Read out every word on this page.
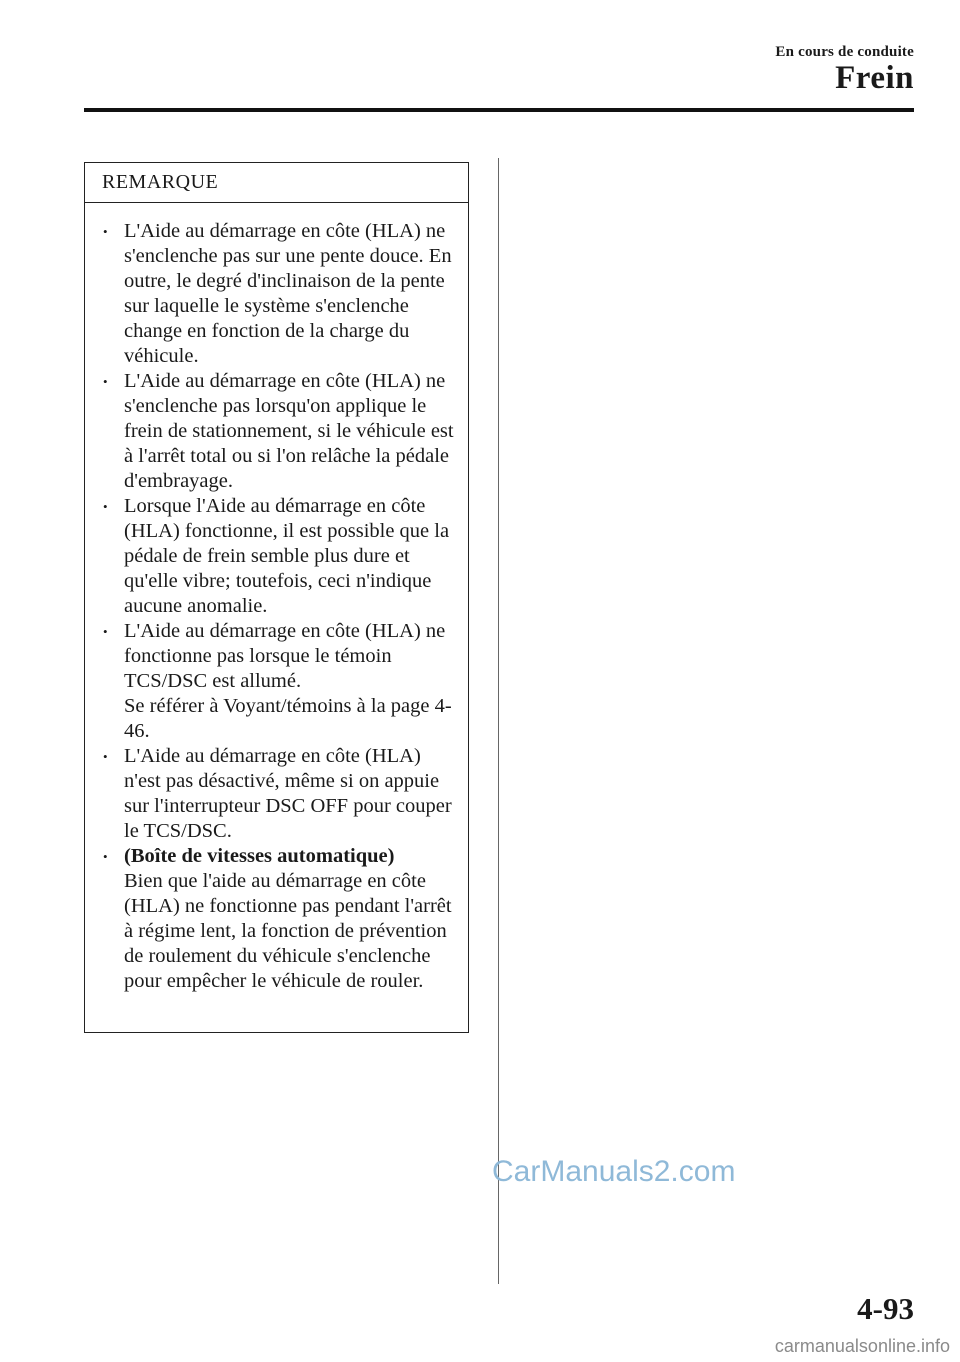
En cours de conduite
Frein
REMARQUE
• L'Aide au démarrage en côte (HLA) ne s'enclenche pas sur une pente douce. En outre, le degré d'inclinaison de la pente sur laquelle le système s'enclenche change en fonction de la charge du véhicule.
• L'Aide au démarrage en côte (HLA) ne s'enclenche pas lorsqu'on applique le frein de stationnement, si le véhicule est à l'arrêt total ou si l'on relâche la pédale d'embrayage.
• Lorsque l'Aide au démarrage en côte (HLA) fonctionne, il est possible que la pédale de frein semble plus dure et qu'elle vibre; toutefois, ceci n'indique aucune anomalie.
• L'Aide au démarrage en côte (HLA) ne fonctionne pas lorsque le témoin TCS/DSC est allumé.
Se référer à Voyant/témoins à la page 4-46.
• L'Aide au démarrage en côte (HLA) n'est pas désactivé, même si on appuie sur l'interrupteur DSC OFF pour couper le TCS/DSC.
• (Boîte de vitesses automatique)
Bien que l'aide au démarrage en côte (HLA) ne fonctionne pas pendant l'arrêt à régime lent, la fonction de prévention de roulement du véhicule s'enclenche pour empêcher le véhicule de rouler.
CarManuals2.com
4-93
carmanualsonline.info
